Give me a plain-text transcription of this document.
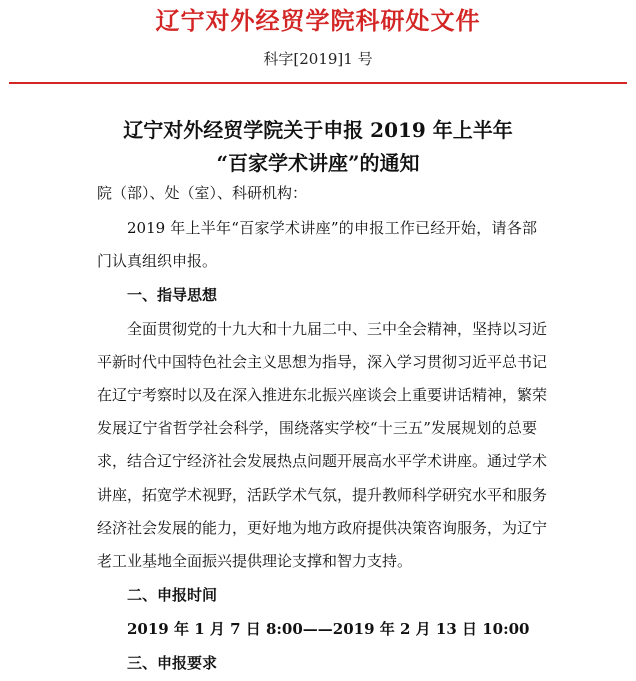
辽宁对外经贸学院科研处文件
科字[2019]1 号
辽宁对外经贸学院关于申报 2019 年上半年
“百家学术讲座”的通知
院（部）、处（室）、科研机构：
2019 年上半年“百家学术讲座”的申报工作已经开始，请各部
门认真组织申报。
一、指导思想
全面贯彻党的十九大和十九届二中、三中全会精神，坚持以习近
平新时代中国特色社会主义思想为指导，深入学习贯彻习近平总书记
在辽宁考察时以及在深入推进东北振兴座谈会上重要讲话精神，繁荣
发展辽宁省哲学社会科学，围绕落实学校“十三五”发展规划的总要
求，结合辽宁经济社会发展热点问题开展高水平学术讲座。通过学术
讲座，拓宽学术视野，活跃学术气氛，提升教师科学研究水平和服务
经济社会发展的能力，更好地为地方政府提供决策咨询服务，为辽宁
老工业基地全面振兴提供理论支撑和智力支持。
二、申报时间
2019 年 1 月 7 日 8:00——2019 年 2 月 13 日 10:00
三、申报要求
